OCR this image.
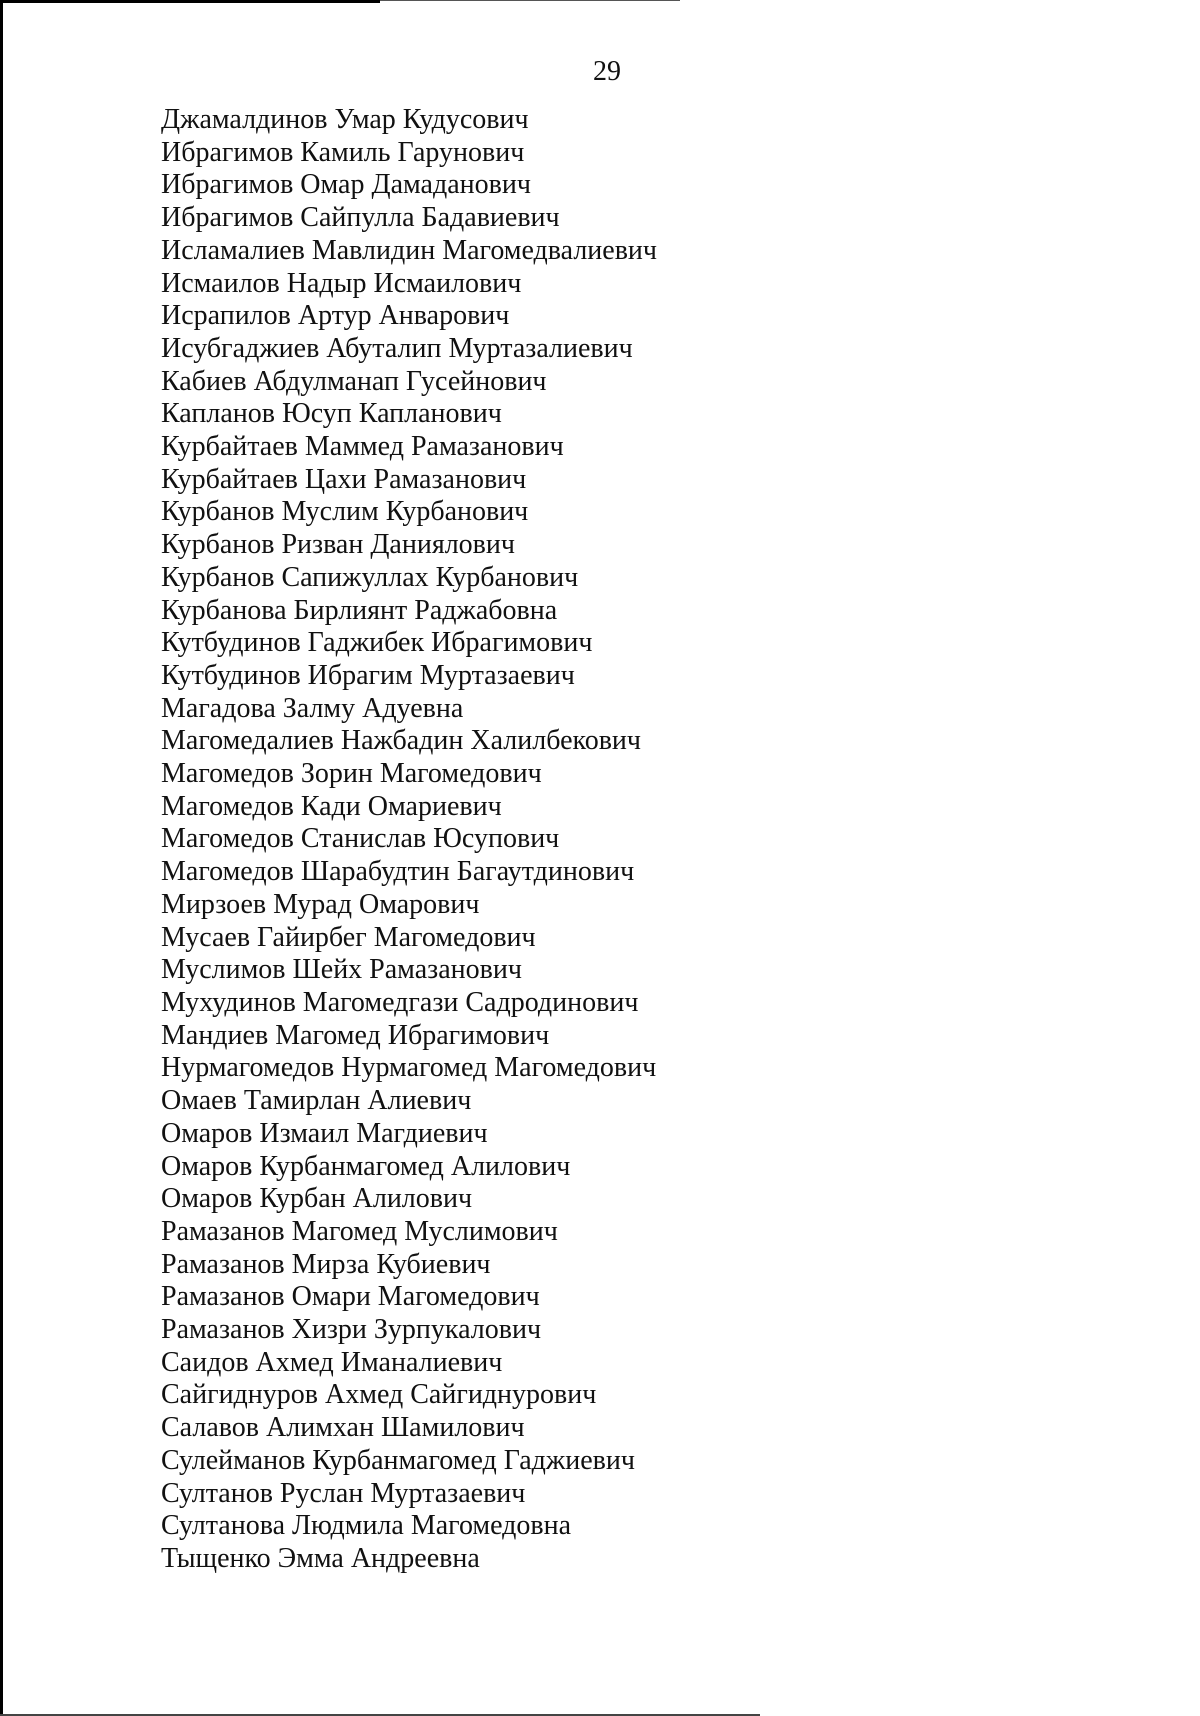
29
Джамалдинов Умар Кудусович
Ибрагимов Камиль Гарунович
Ибрагимов Омар Дамаданович
Ибрагимов Сайпулла Бадавиевич
Исламалиев Мавлидин Магомедвалиевич
Исмаилов Надыр Исмаилович
Исрапилов Артур Анварович
Исубгаджиев Абуталип Муртазалиевич
Кабиев Абдулманап Гусейнович
Капланов Юсуп Капланович
Курбайтаев Маммед Рамазанович
Курбайтаев Цахи Рамазанович
Курбанов Муслим Курбанович
Курбанов Ризван Даниялович
Курбанов Сапижуллах Курбанович
Курбанова Бирлиянт Раджабовна
Кутбудинов Гаджибек Ибрагимович
Кутбудинов Ибрагим Муртазаевич
Магадова Залму Адуевна
Магомедалиев Нажбадин Халилбекович
Магомедов Зорин Магомедович
Магомедов Кади Омариевич
Магомедов Станислав Юсупович
Магомедов Шарабудтин Багаутдинович
Мирзоев Мурад Омарович
Мусаев Гайирбег Магомедович
Муслимов Шейх Рамазанович
Мухудинов Магомедгази Садродинович
Мандиев Магомед Ибрагимович
Нурмагомедов Нурмагомед Магомедович
Омаев Тамирлан Алиевич
Омаров Измаил Магдиевич
Омаров Курбанмагомед Алилович
Омаров Курбан Алилович
Рамазанов Магомед Муслимович
Рамазанов Мирза Кубиевич
Рамазанов Омари Магомедович
Рамазанов Хизри Зурпукалович
Саидов Ахмед Иманалиевич
Сайгиднуров Ахмед Сайгиднурович
Салавов Алимхан Шамилович
Сулейманов Курбанмагомед Гаджиевич
Султанов Руслан Муртазаевич
Султанова Людмила Магомедовна
Тыщенко Эмма Андреевна
